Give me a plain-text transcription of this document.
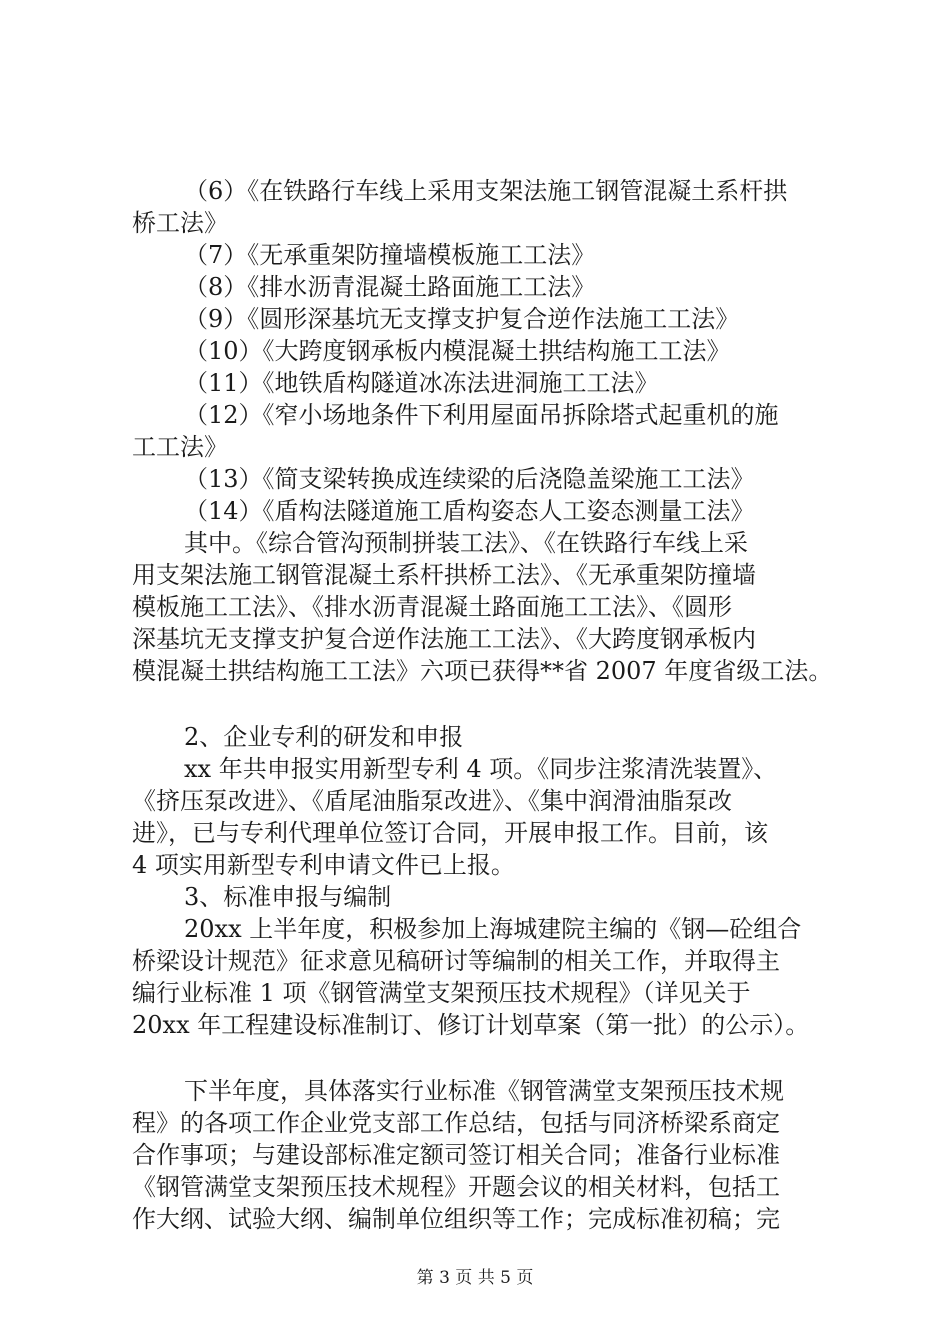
（6）《在铁路行车线上采用支架法施工钢管混凝土系杆拱
桥工法》
（7）《无承重架防撞墙模板施工工法》
（8）《排水沥青混凝土路面施工工法》
（9）《圆形深基坑无支撑支护复合逆作法施工工法》
（10）《大跨度钢承板内模混凝土拱结构施工工法》
（11）《地铁盾构隧道冰冻法进洞施工工法》
（12）《窄小场地条件下利用屋面吊拆除塔式起重机的施
工工法》
（13）《简支梁转换成连续梁的后浇隐盖梁施工工法》
（14）《盾构法隧道施工盾构姿态人工姿态测量工法》
其中。《综合管沟预制拼装工法》、《在铁路行车线上采
用支架法施工钢管混凝土系杆拱桥工法》、《无承重架防撞墙
模板施工工法》、《排水沥青混凝土路面施工工法》、《圆形
深基坑无支撑支护复合逆作法施工工法》、《大跨度钢承板内
模混凝土拱结构施工工法》六项已获得**省 2007 年度省级工法。
2、企业专利的研发和申报
xx 年共申报实用新型专利 4 项。《同步注浆清洗装置》、
《挤压泵改进》、《盾尾油脂泵改进》、《集中润滑油脂泵改
进》，已与专利代理单位签订合同，开展申报工作。目前，该
4 项实用新型专利申请文件已上报。
3、标准申报与编制
20xx 上半年度，积极参加上海城建院主编的《钢—砼组合
桥梁设计规范》征求意见稿研讨等编制的相关工作，并取得主
编行业标准 1 项《钢管满堂支架预压技术规程》（详见关于
20xx 年工程建设标准制订、修订计划草案（第一批）的公示）。
下半年度，具体落实行业标准《钢管满堂支架预压技术规
程》的各项工作企业党支部工作总结，包括与同济桥梁系商定
合作事项；与建设部标准定额司签订相关合同；准备行业标准
《钢管满堂支架预压技术规程》开题会议的相关材料，包括工
作大纲、试验大纲、编制单位组织等工作；完成标准初稿；完
第 3 页 共 5 页
